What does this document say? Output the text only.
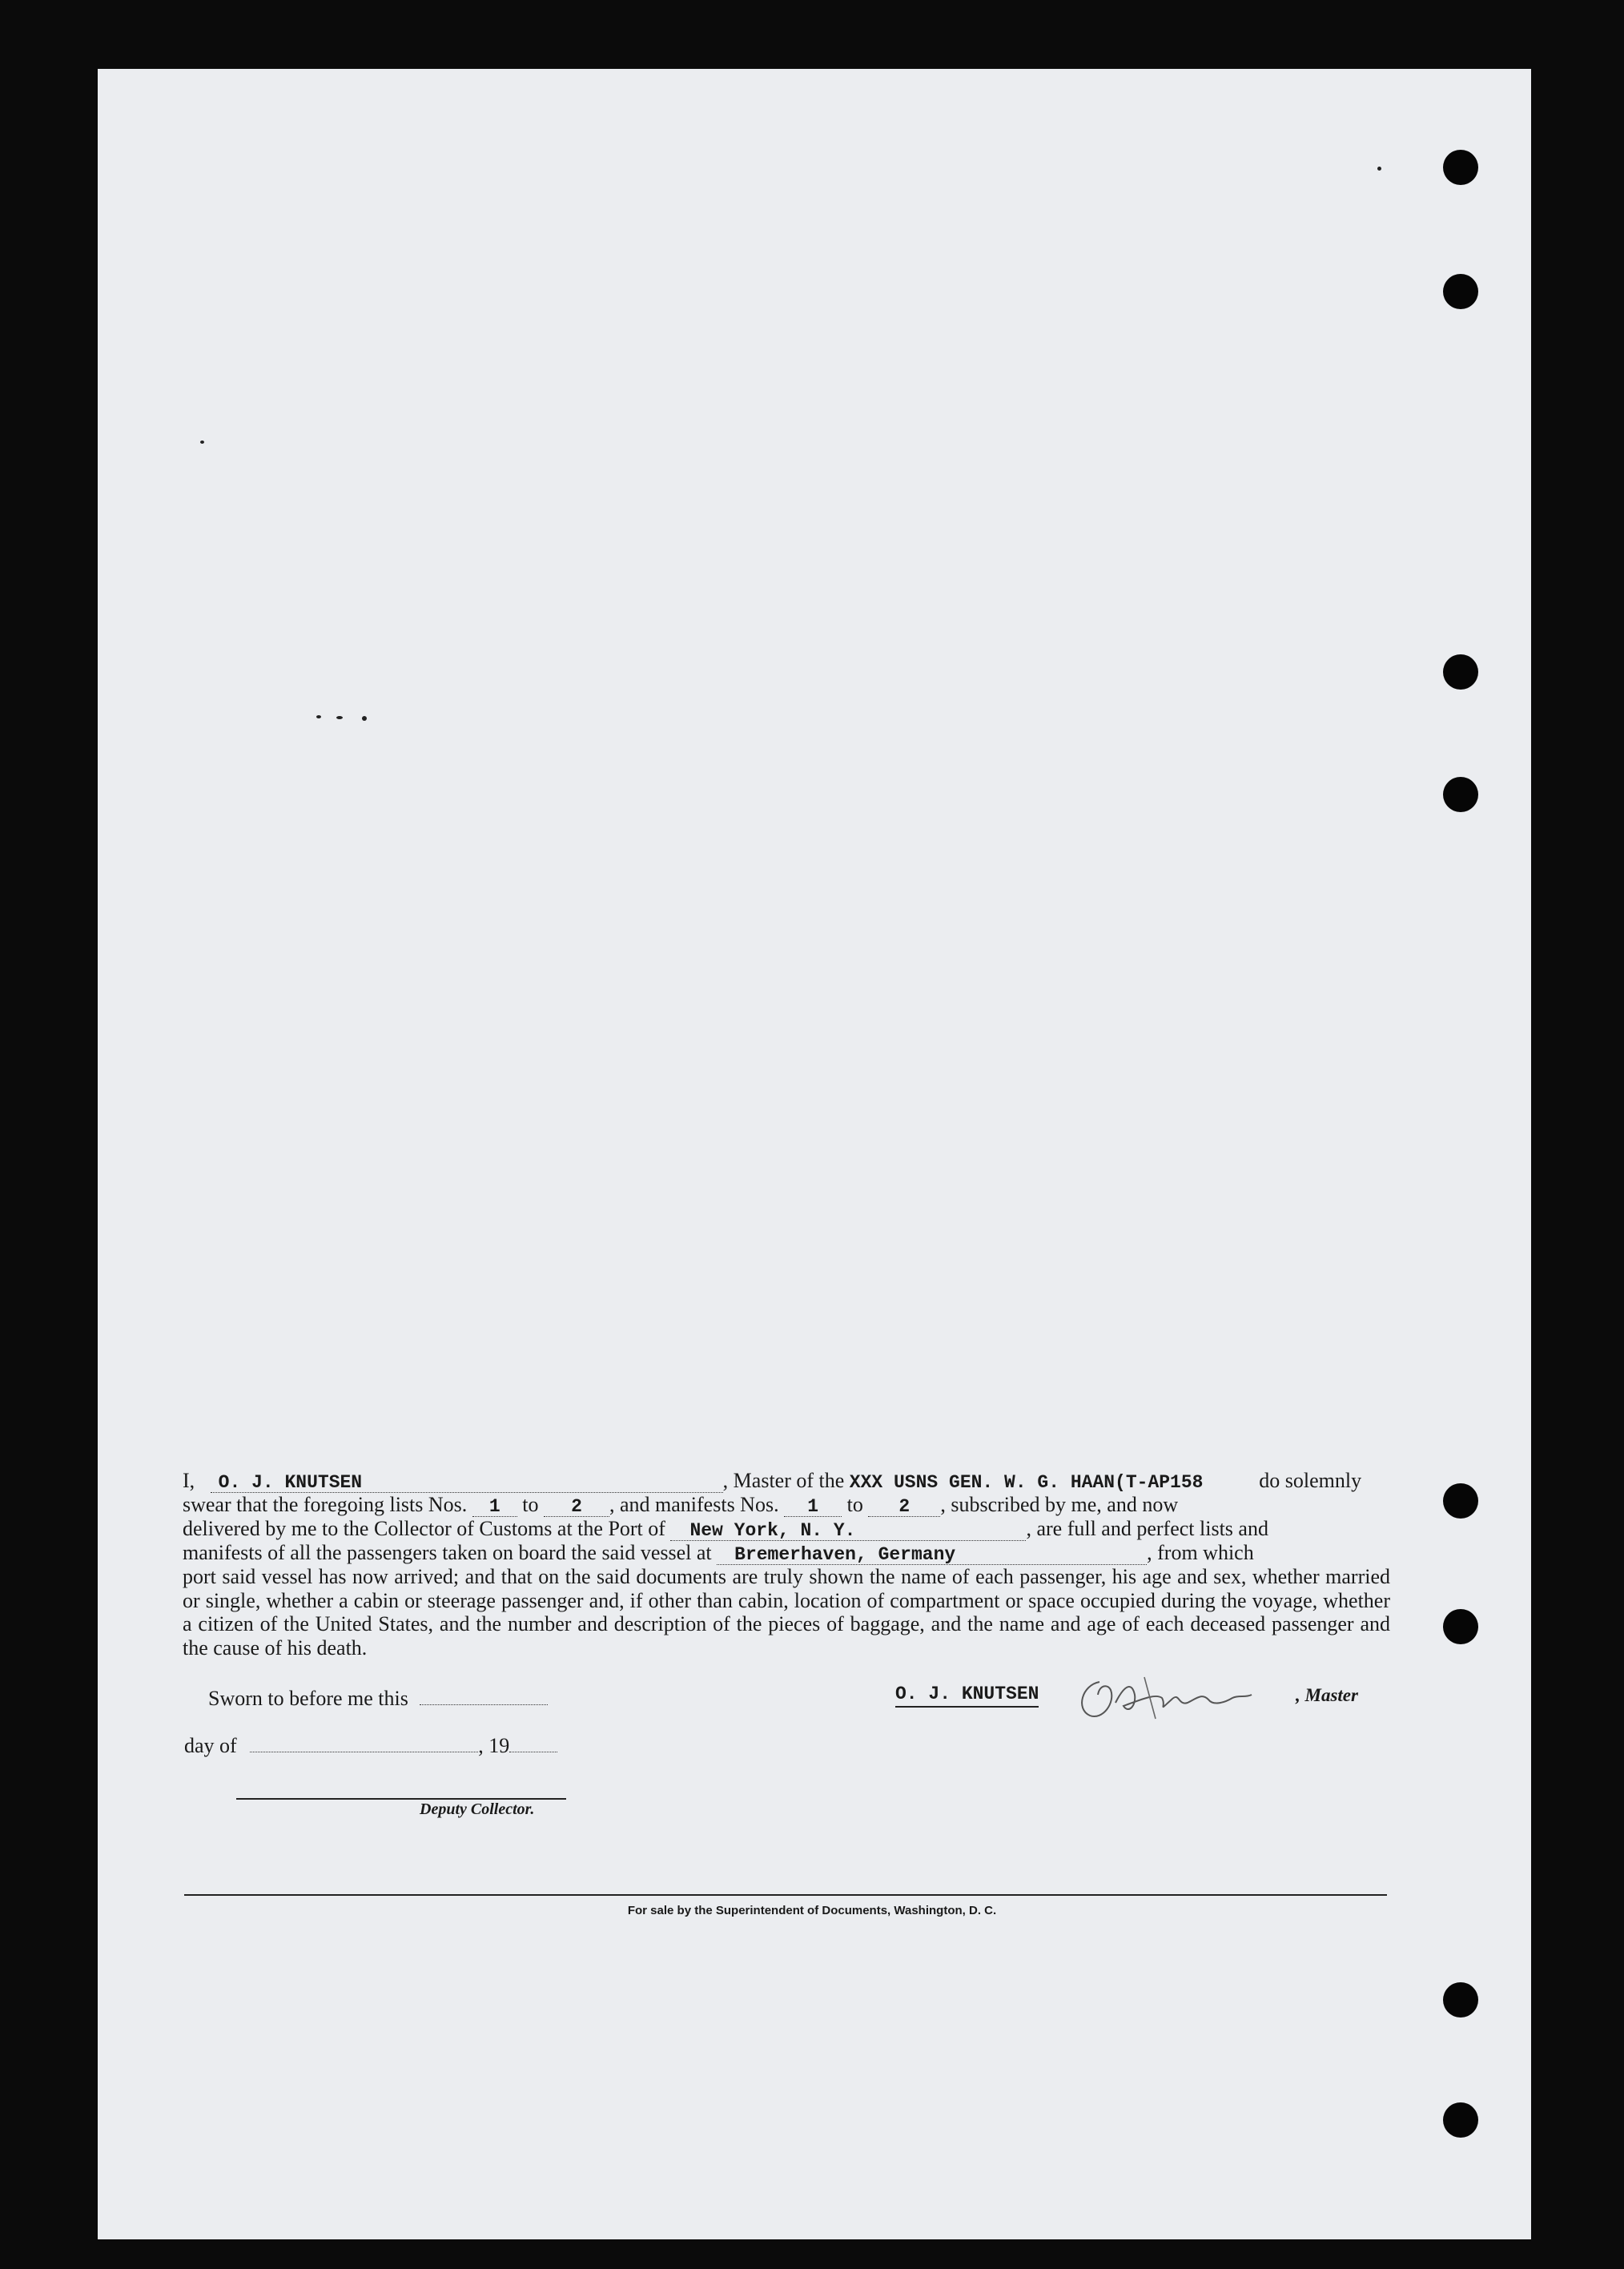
I, O. J. KNUTSEN	, Master of the XXX USNS GEN. W. G. HAAN(T-AP158	do solemnly

swear that the foregoing lists Nos. 1 to 2 , and manifests Nos. 1 to 2 , subscribed by me, and now

delivered by me to the Collector of Customs at the Port of New York, N. Y.	, are full and perfect lists and

manifests of all the passengers taken on board the said vessel at Bremerhaven, Germany	, from which

port said vessel has now arrived; and that on the said documents are truly shown the name of each passenger, his age and sex, whether married or single, whether a cabin or steerage passenger and, if other than cabin, location of compartment or space occupied during the voyage, whether a citizen of the United States, and the number and description of the pieces of baggage, and the name and age of each deceased passenger and the cause of his death.

Sworn to before me this
day of	, 19
Deputy Collector.
O. J. KNUTSEN	, Master
For sale by the Superintendent of Documents, Washington, D. C.
